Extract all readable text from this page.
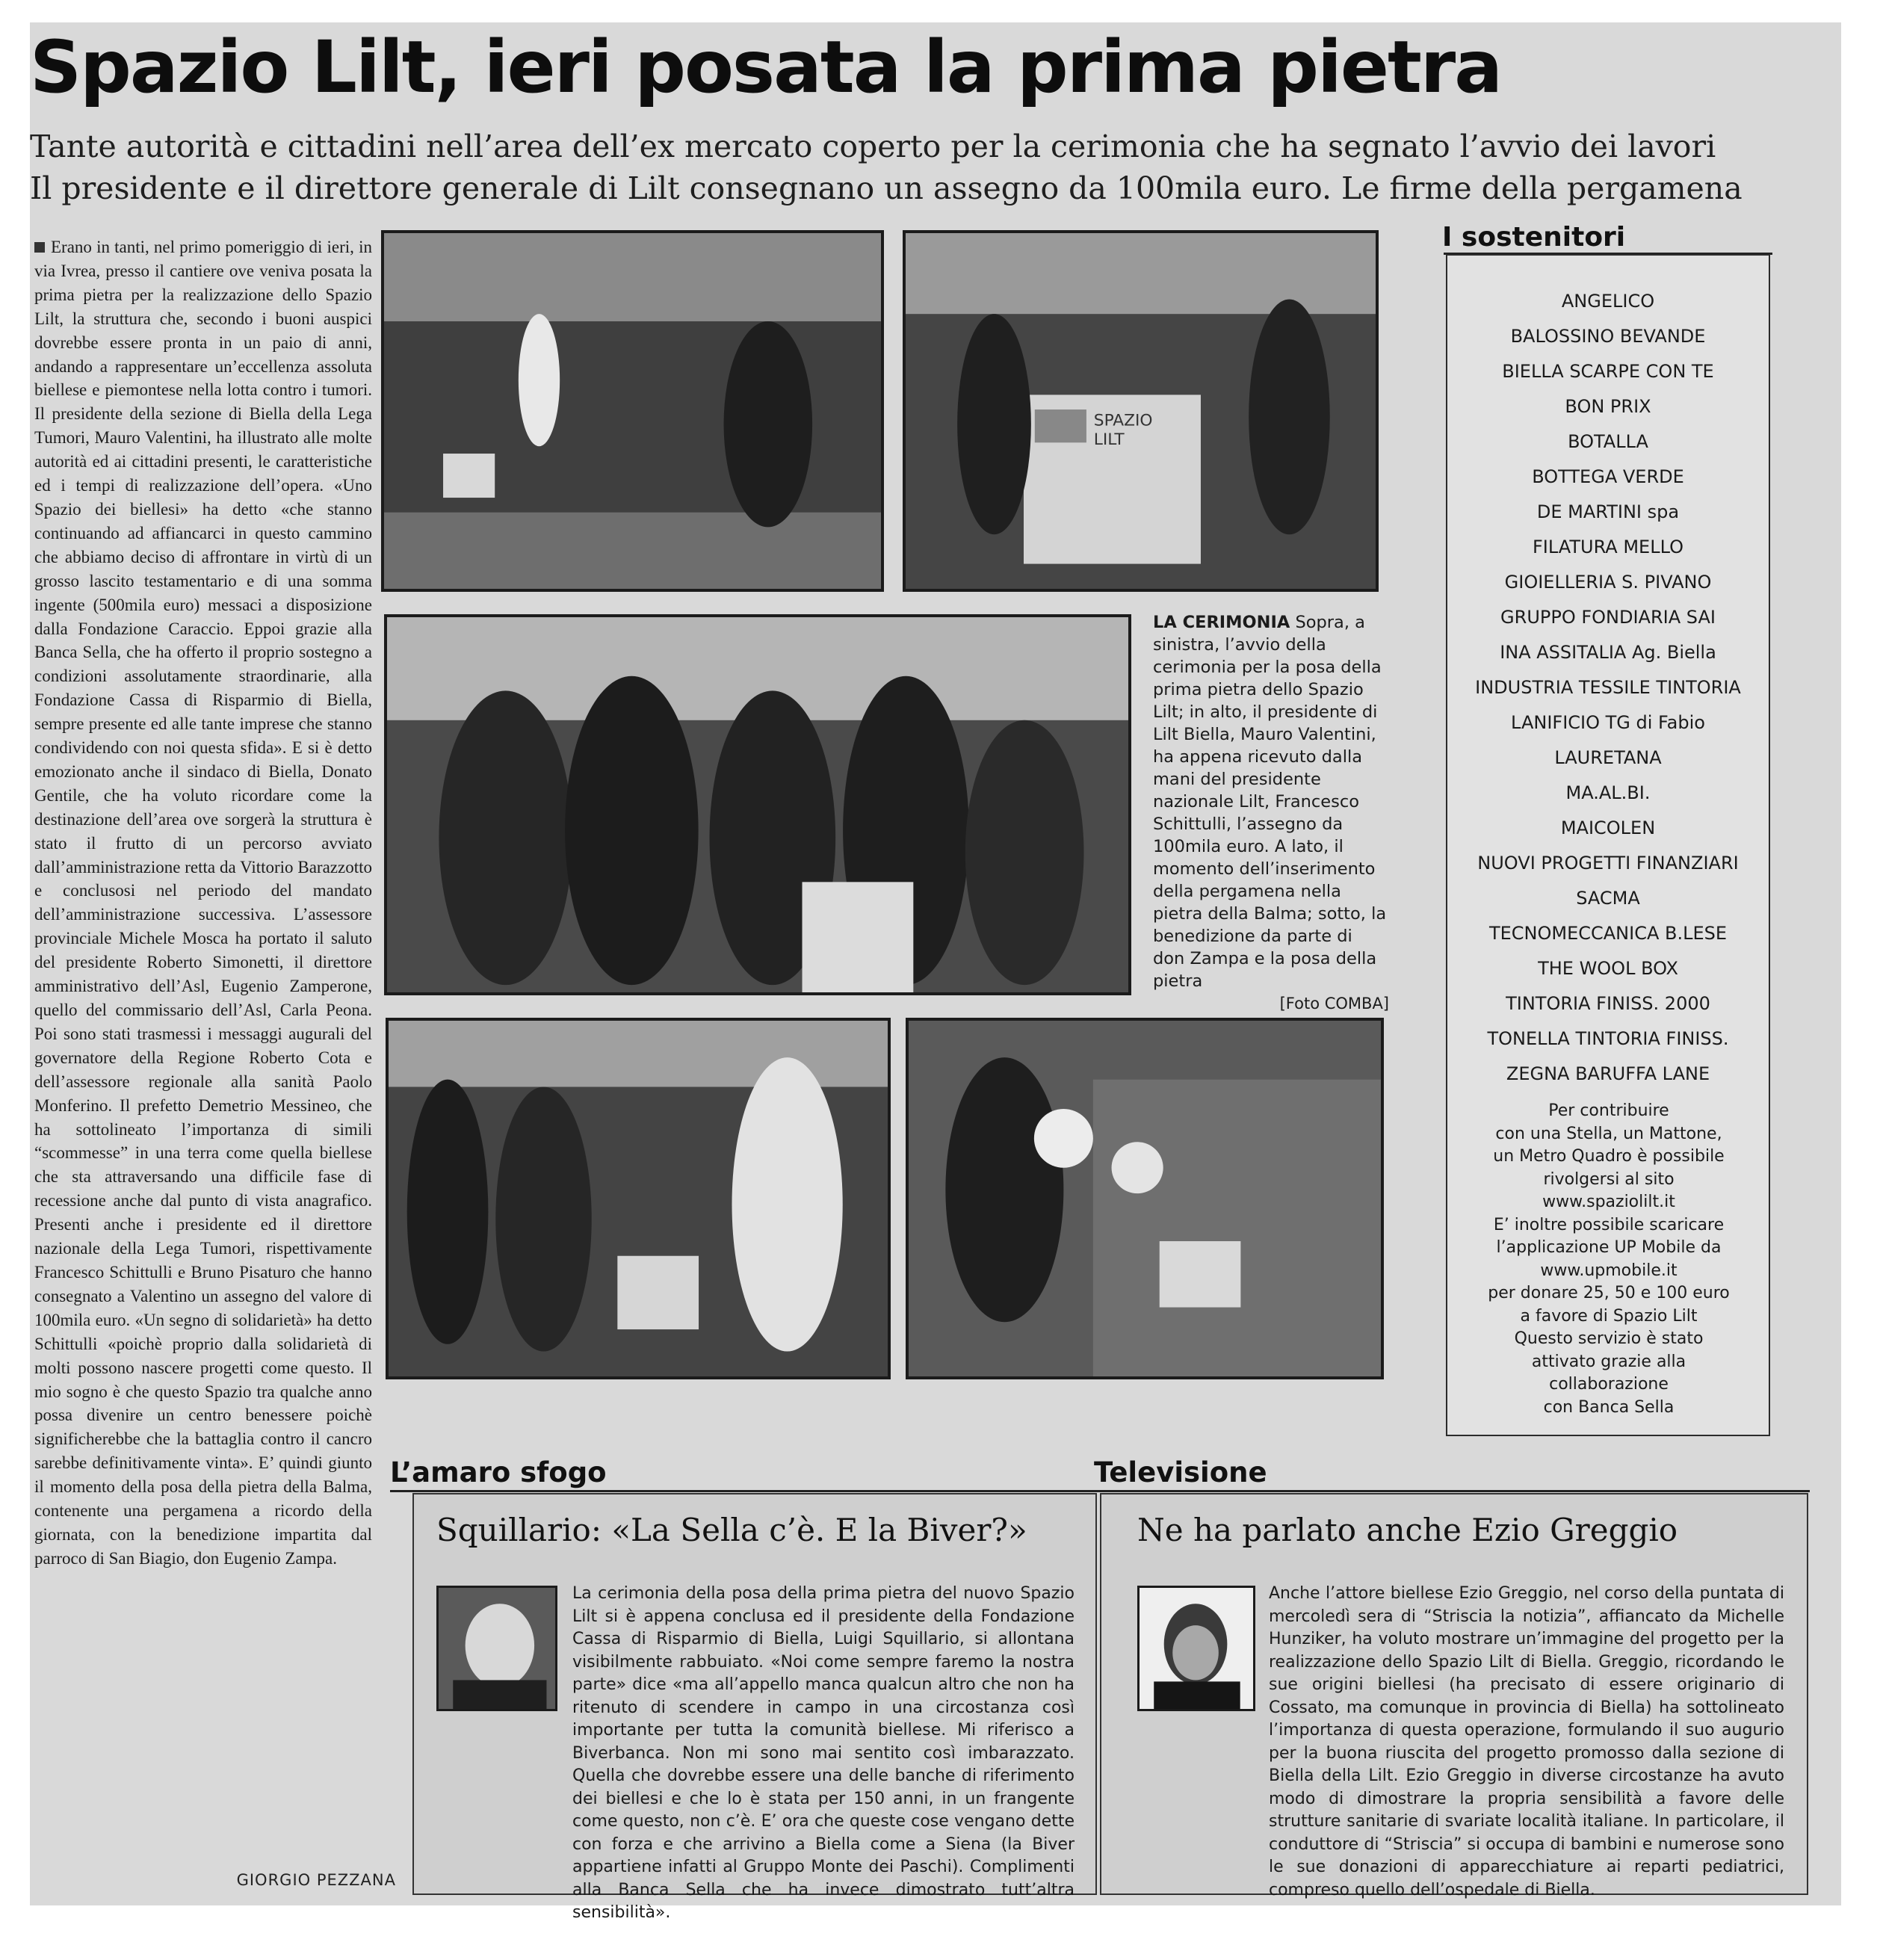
Spazio Lilt, ieri posata la prima pietra
Tante autorità e cittadini nell’area dell’ex mercato coperto per la cerimonia che ha segnato l’avvio dei lavori
Il presidente e il direttore generale di Lilt consegnano un assegno da 100mila euro. Le firme della pergamena
Erano in tanti, nel primo pomeriggio di ieri, in via Ivrea, presso il cantiere ove veniva posata la prima pietra per la realizzazione dello Spazio Lilt, la struttura che, secondo i buoni auspici dovrebbe essere pronta in un paio di anni, andando a rappresentare un’eccellenza assoluta biellese e piemontese nella lotta contro i tumori. Il presidente della sezione di Biella della Lega Tumori, Mauro Valentini, ha illustrato alle molte autorità ed ai cittadini presenti, le caratteristiche ed i tempi di realizzazione dell’opera. «Uno Spazio dei biellesi» ha detto «che stanno continuando ad affiancarci in questo cammino che abbiamo deciso di affrontare in virtù di un grosso lascito testamentario e di una somma ingente (500mila euro) messaci a disposizione dalla Fondazione Caraccio. Eppoi grazie alla Banca Sella, che ha offerto il proprio sostegno a condizioni assolutamente straordinarie, alla Fondazione Cassa di Risparmio di Biella, sempre presente ed alle tante imprese che stanno condividendo con noi questa sfida». E si è detto emozionato anche il sindaco di Biella, Donato Gentile, che ha voluto ricordare come la destinazione dell’area ove sorgerà la struttura è stato il frutto di un percorso avviato dall’amministrazione retta da Vittorio Barazzotto e conclusosi nel periodo del mandato dell’amministrazione successiva. L’assessore provinciale Michele Mosca ha portato il saluto del presidente Roberto Simonetti, il direttore amministrativo dell’Asl, Eugenio Zamperone, quello del commissario dell’Asl, Carla Peona. Poi sono stati trasmessi i messaggi augurali del governatore della Regione Roberto Cota e dell’assessore regionale alla sanità Paolo Monferino. Il prefetto Demetrio Messineo, che ha sottolineato l’importanza di simili “scommesse” in una terra come quella biellese che sta attraversando una difficile fase di recessione anche dal punto di vista anagrafico. Presenti anche i presidente ed il direttore nazionale della Lega Tumori, rispettivamente Francesco Schittulli e Bruno Pisaturo che hanno consegnato a Valentino un assegno del valore di 100mila euro. «Un segno di solidarietà» ha detto Schittulli «poichè proprio dalla solidarietà di molti possono nascere progetti come questo. Il mio sogno è che questo Spazio tra qualche anno possa divenire un centro benessere poichè significherebbe che la battaglia contro il cancro sarebbe definitivamente vinta». E’ quindi giunto il momento della posa della pietra della Balma, contenente una pergamena a ricordo della giornata, con la benedizione impartita dal parroco di San Biagio, don Eugenio Zampa.
GIORGIO PEZZANA
SPAZIO
LILT
LA CERIMONIA Sopra, a sinistra, l’avvio della cerimonia per la posa della prima pietra dello Spazio Lilt; in alto, il presidente di Lilt Biella, Mauro Valentini, ha appena ricevuto dalla mani del presidente nazionale Lilt, Francesco Schittulli, l’assegno da 100mila euro. A lato, il momento dell’inserimento della pergamena nella pietra della Balma; sotto, la benedizione da parte di don Zampa e la posa della pietra
[Foto COMBA]
I sostenitori
ANGELICO
BALOSSINO BEVANDE
BIELLA SCARPE CON TE
BON PRIX
BOTALLA
BOTTEGA VERDE
DE MARTINI spa
FILATURA MELLO
GIOIELLERIA S. PIVANO
GRUPPO FONDIARIA SAI
INA ASSITALIA Ag. Biella
INDUSTRIA TESSILE TINTORIA
LANIFICIO TG di Fabio
LAURETANA
MA.AL.BI.
MAICOLEN
NUOVI PROGETTI FINANZIARI
SACMA
TECNOMECCANICA B.LESE
THE WOOL BOX
TINTORIA FINISS. 2000
TONELLA TINTORIA FINISS.
ZEGNA BARUFFA LANE
Per contribuire
con una Stella, un Mattone,
un Metro Quadro è possibile
rivolgersi al sito
www.spaziolilt.it
E’ inoltre possibile scaricare
l’applicazione UP Mobile da
www.upmobile.it
per donare 25, 50 e 100 euro
a favore di Spazio Lilt
Questo servizio è stato
attivato grazie alla
collaborazione
con Banca Sella
L’amaro sfogo
Squillario: «La Sella c’è. E la Biver?»
La cerimonia della posa della prima pietra del nuovo Spazio Lilt si è appena conclusa ed il presidente della Fondazione Cassa di Risparmio di Biella, Luigi Squillario, si allontana visibilmente rabbuiato. «Noi come sempre faremo la nostra parte» dice «ma all’appello manca qualcun altro che non ha ritenuto di scendere in campo in una circostanza così importante per tutta la comunità biellese. Mi riferisco a Biverbanca. Non mi sono mai sentito così imbarazzato. Quella che dovrebbe essere una delle banche di riferimento dei biellesi e che lo è stata per 150 anni, in un frangente come questo, non c’è. E’ ora che queste cose vengano dette con forza e che arrivino a Biella come a Siena (la Biver appartiene infatti al Gruppo Monte dei Paschi). Complimenti alla Banca Sella che ha invece dimostrato tutt’altra sensibilità».
Televisione
Ne ha parlato anche Ezio Greggio
Anche l’attore biellese Ezio Greggio, nel corso della puntata di mercoledì sera di “Striscia la notizia”, affiancato da Michelle Hunziker, ha voluto mostrare un’immagine del progetto per la realizzazione dello Spazio Lilt di Biella. Greggio, ricordando le sue origini biellesi (ha precisato di essere originario di Cossato, ma comunque in provincia di Biella) ha sottolineato l’importanza di questa operazione, formulando il suo augurio per la buona riuscita del progetto promosso dalla sezione di Biella della Lilt. Ezio Greggio in diverse circostanze ha avuto modo di dimostrare la propria sensibilità a favore delle strutture sanitarie di svariate località italiane. In particolare, il conduttore di “Striscia” si occupa di bambini e numerose sono le sue donazioni di apparecchiature ai reparti pediatrici, compreso quello dell’ospedale di Biella.
